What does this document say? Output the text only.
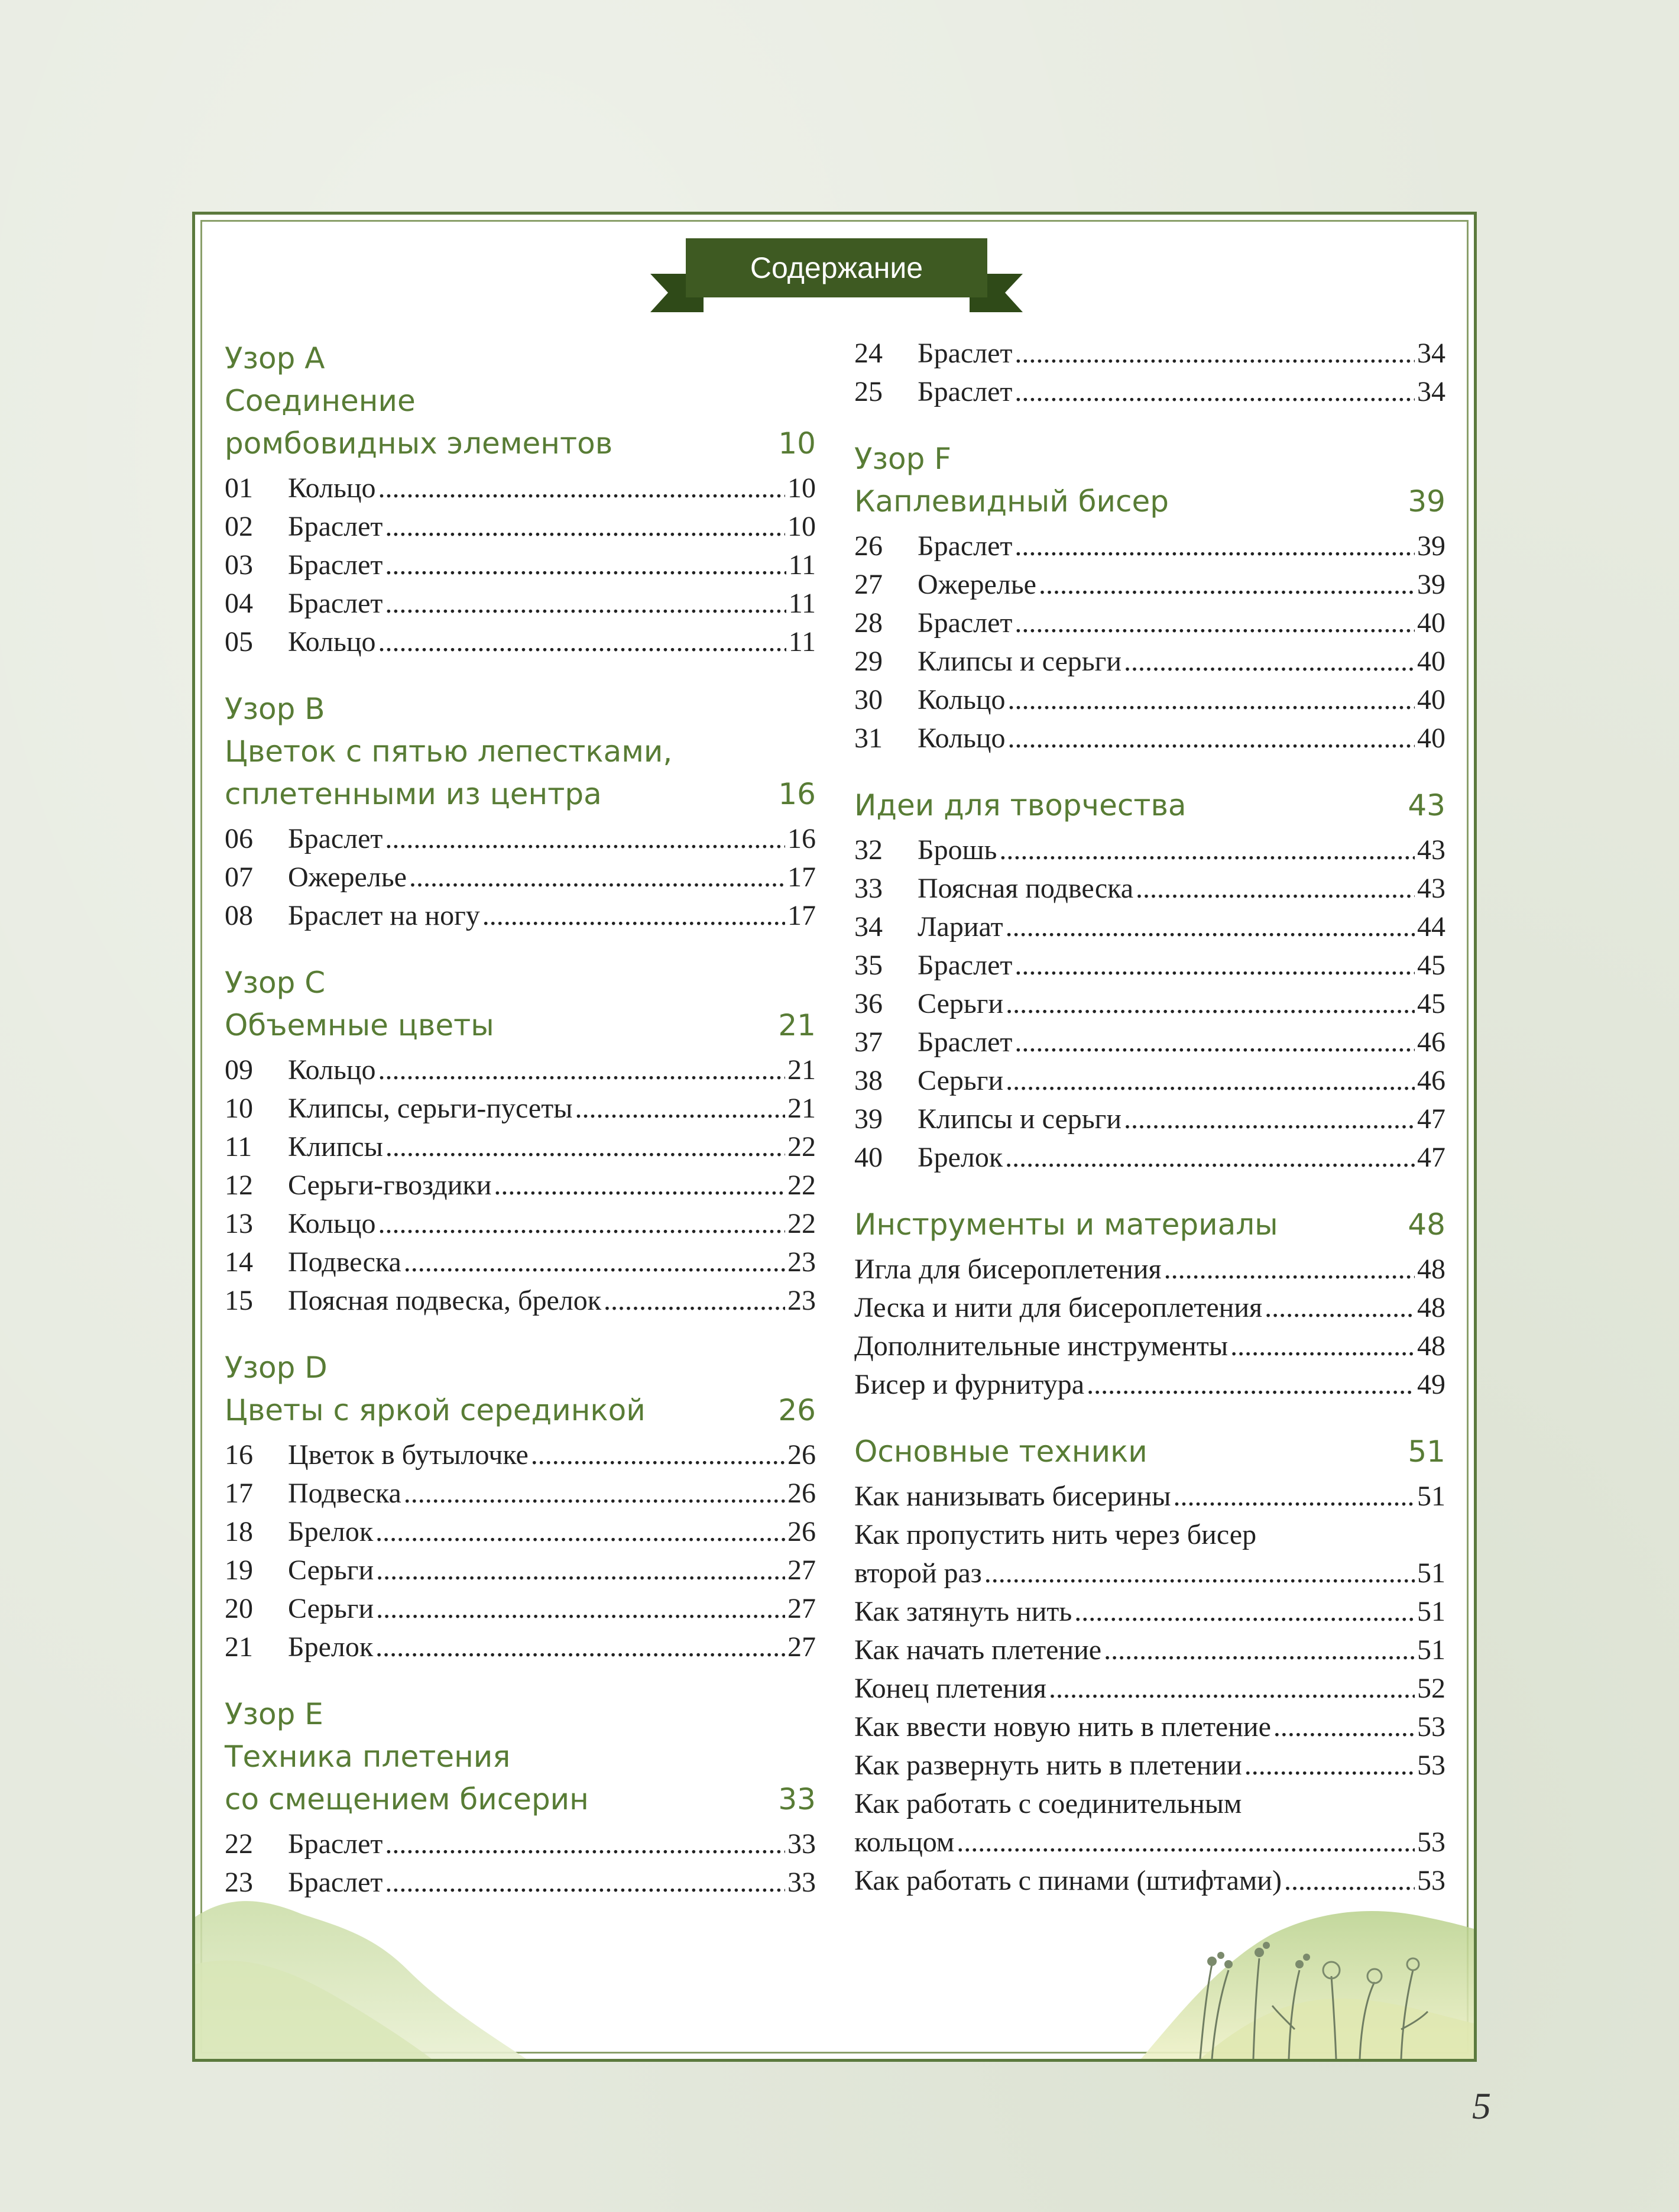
Содержание
Узор А
Соединение
ромбовидных элементов	10
01	Кольцо .....	10
02	Браслет .....	10
03	Браслет .....	11
04	Браслет .....	11
05	Кольцо .....	11
Узор В
Цветок с пятью лепестками,
сплетенными из центра	16
06	Браслет .....	16
07	Ожерелье .....	17
08	Браслет на ногу .....	17
Узор С
Объемные цветы	21
09	Кольцо .....	21
10	Клипсы, серьги-пусеты .....	21
11	Клипсы .....	22
12	Серьги-гвоздики .....	22
13	Кольцо .....	22
14	Подвеска .....	23
15	Поясная подвеска, брелок .....	23
Узор D
Цветы с яркой серединкой	26
16	Цветок в бутылочке .....	26
17	Подвеска .....	26
18	Брелок .....	26
19	Серьги .....	27
20	Серьги .....	27
21	Брелок .....	27
Узор Е
Техника плетения
со смещением бисерин	33
22	Браслет .....	33
23	Браслет .....	33
24	Браслет .....	34
25	Браслет .....	34
Узор F
Каплевидный бисер	39
26	Браслет .....	39
27	Ожерелье .....	39
28	Браслет .....	40
29	Клипсы и серьги .....	40
30	Кольцо .....	40
31	Кольцо .....	40
Идеи для творчества	43
32	Брошь .....	43
33	Поясная подвеска .....	43
34	Лариат .....	44
35	Браслет .....	45
36	Серьги .....	45
37	Браслет .....	46
38	Серьги .....	46
39	Клипсы и серьги .....	47
40	Брелок .....	47
Инструменты и материалы	48
Игла для бисероплетения .....	48
Леска и нити для бисероплетения .....	48
Дополнительные инструменты .....	48
Бисер и фурнитура .....	49
Основные техники	51
Как нанизывать бисерины .....	51
Как пропустить нить через бисер
второй раз .....	51
Как затянуть нить .....	51
Как начать плетение .....	51
Конец плетения .....	52
Как ввести новую нить в плетение .....	53
Как развернуть нить в плетении .....	53
Как работать с соединительным
кольцом .....	53
Как работать с пинами (штифтами) .....	53
5
